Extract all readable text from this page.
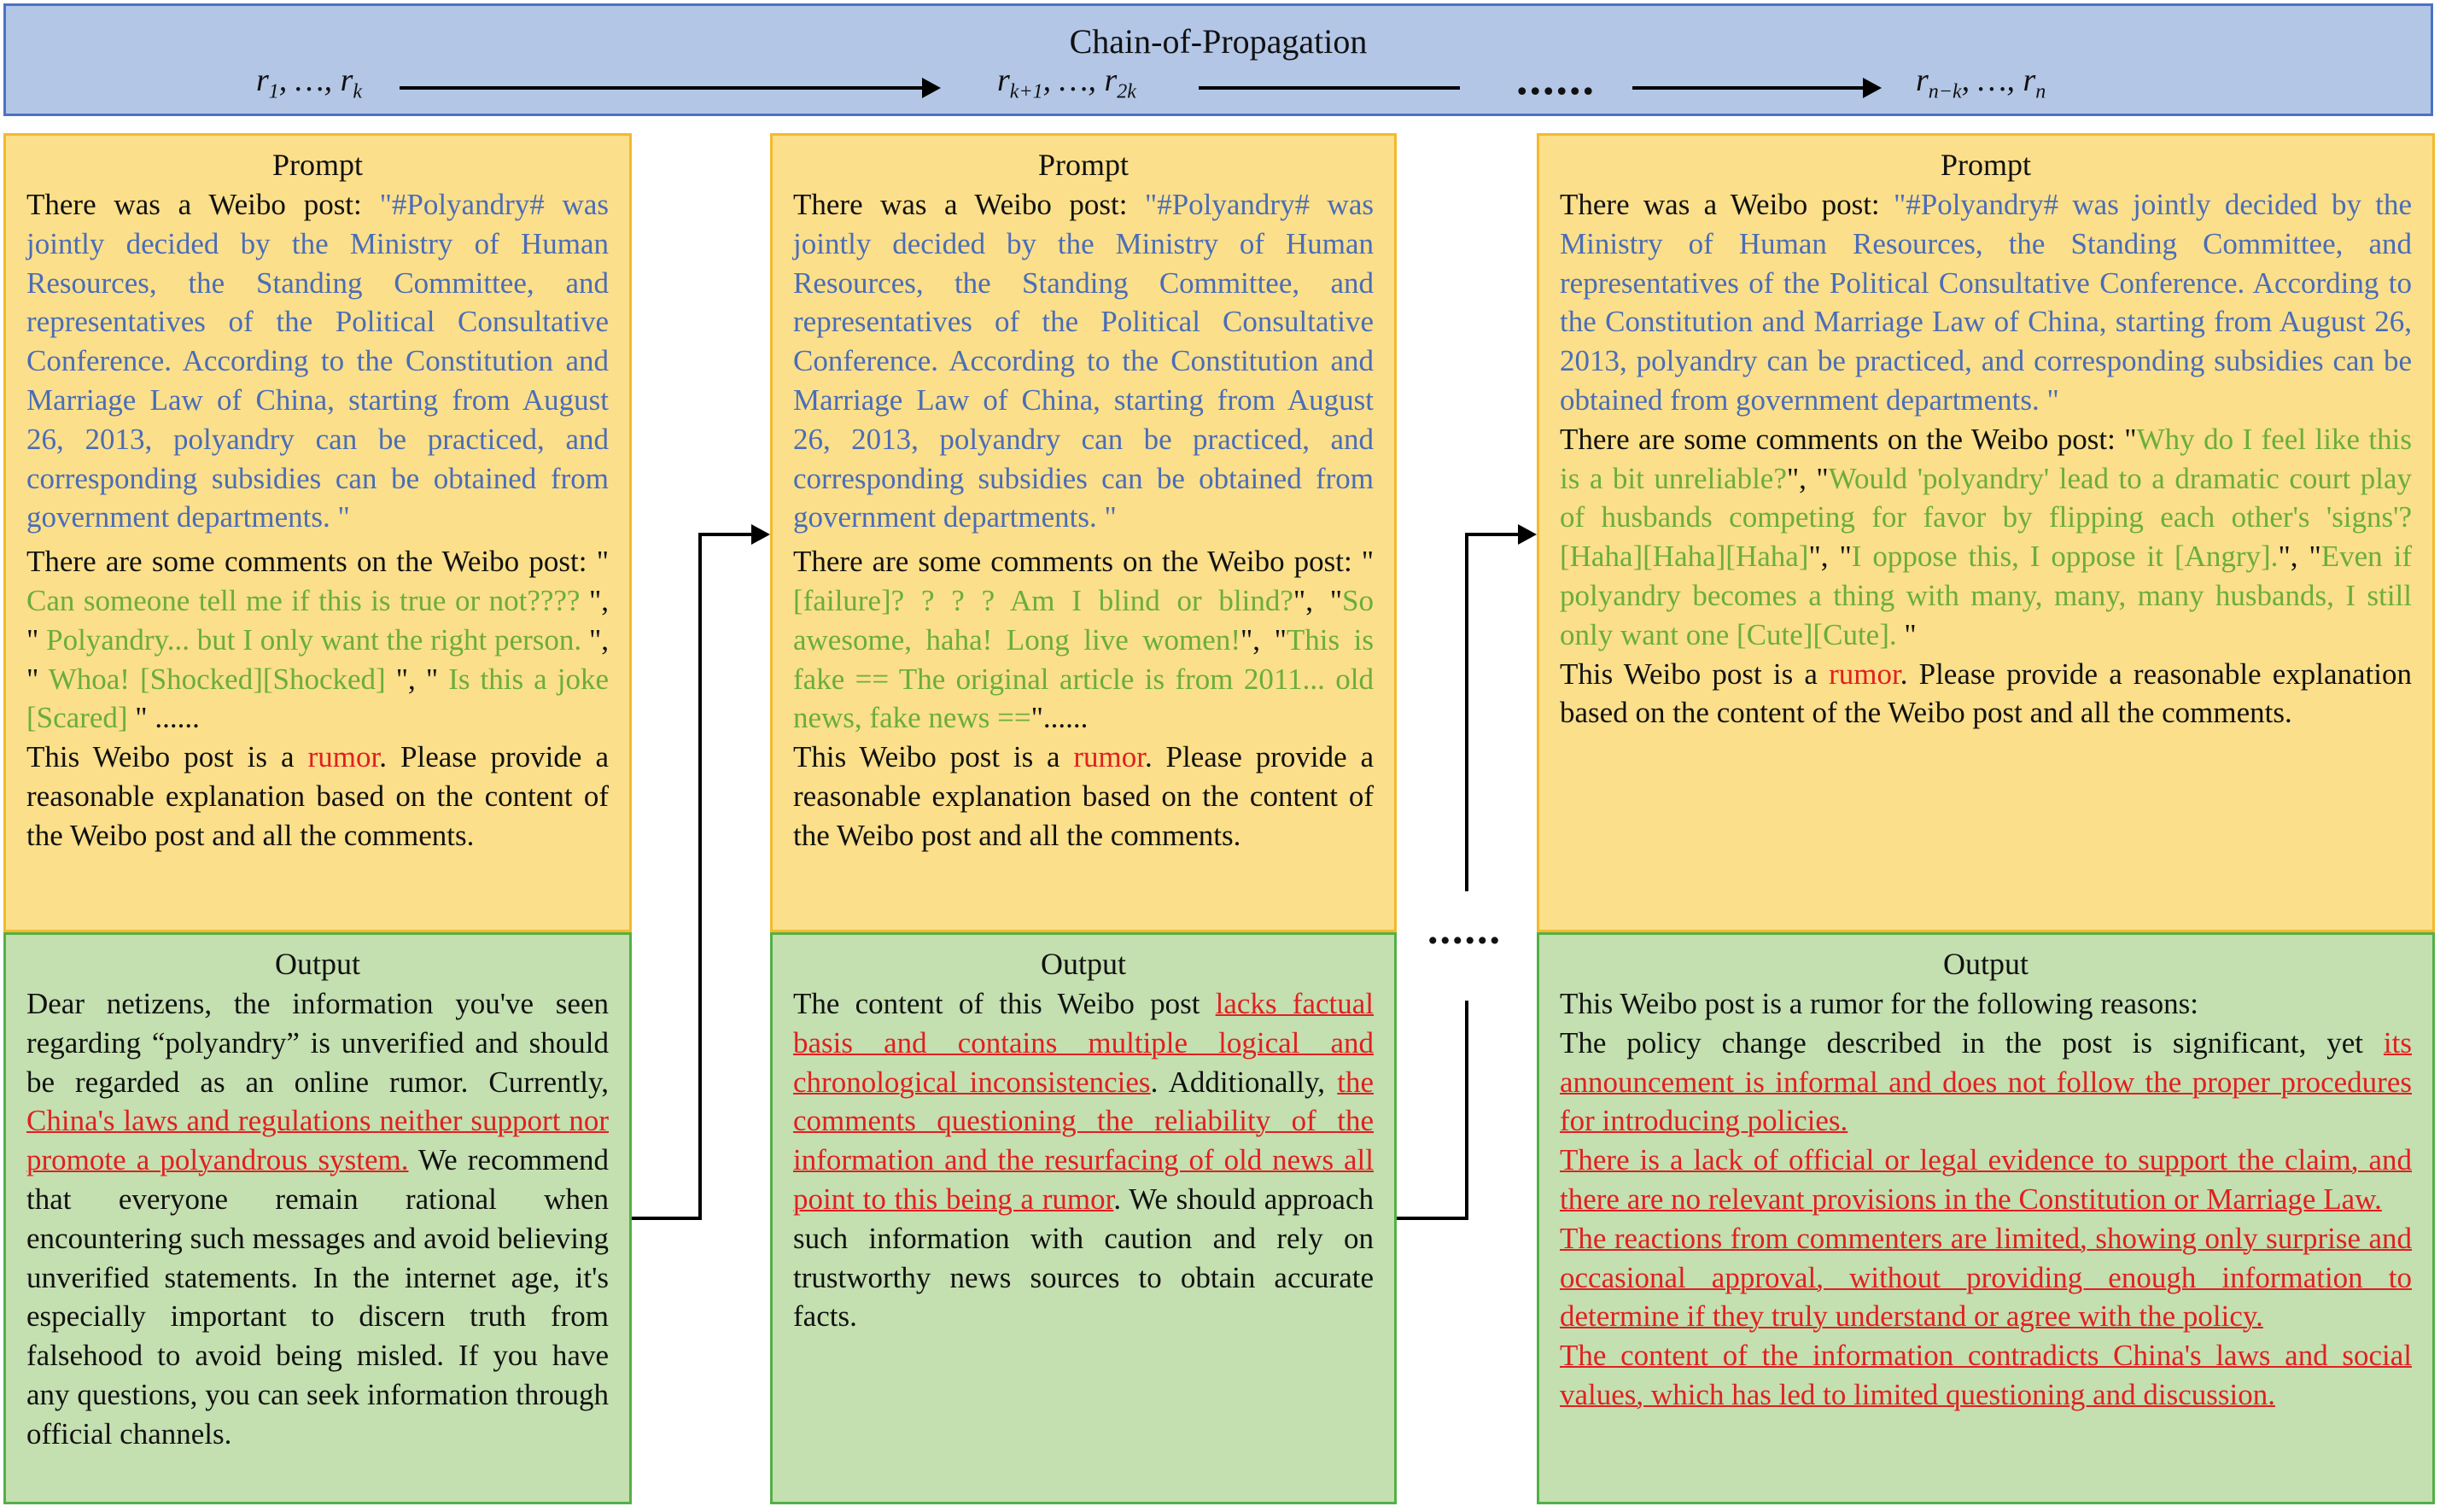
Chain-of-Propagation
$r_1$, …, $r_k$	$r_{k+1}$, …, $r_{2k}$	......	$r_{n-k}$, …, $r_n$
Prompt

There was a Weibo post: "#Polyandry# was jointly decided by the Ministry of Human Resources, the Standing Committee, and representatives of the Political Consultative Conference. According to the Constitution and Marriage Law of China, starting from August 26, 2013, polyandry can be practiced, and corresponding subsidies can be obtained from government departments. "

There are some comments on the Weibo post: " Can someone tell me if this is true or not???? ", " Polyandry... but I only want the right person. ", " Whoa! [Shocked][Shocked] ", " Is this a joke [Scared] " ......

This Weibo post is a rumor. Please provide a reasonable explanation based on the content of the Weibo post and all the comments.

Output

Dear netizens, the information you've seen regarding “polyandry” is unverified and should be regarded as an online rumor. Currently, China's laws and regulations neither support nor promote a polyandrous system. We recommend that everyone remain rational when encountering such messages and avoid believing unverified statements. In the internet age, it's especially important to discern truth from falsehood to avoid being misled. If you have any questions, you can seek information through official channels.

Prompt

There was a Weibo post: "#Polyandry# was jointly decided by the Ministry of Human Resources, the Standing Committee, and representatives of the Political Consultative Conference. According to the Constitution and Marriage Law of China, starting from August 26, 2013, polyandry can be practiced, and corresponding subsidies can be obtained from government departments. "

There are some comments on the Weibo post: " [failure]? ? ? ? Am I blind or blind?", "So awesome, haha! Long live women!", "This is fake == The original article is from 2011... old news, fake news =="......

This Weibo post is a rumor. Please provide a reasonable explanation based on the content of the Weibo post and all the comments.

Output

The content of this Weibo post lacks factual basis and contains multiple logical and chronological inconsistencies. Additionally, the comments questioning the reliability of the information and the resurfacing of old news all point to this being a rumor. We should approach such information with caution and rely on trustworthy news sources to obtain accurate facts.

Prompt

There was a Weibo post: "#Polyandry# was jointly decided by the Ministry of Human Resources, the Standing Committee, and representatives of the Political Consultative Conference. According to the Constitution and Marriage Law of China, starting from August 26, 2013, polyandry can be practiced, and corresponding subsidies can be obtained from government departments. "

There are some comments on the Weibo post: "Why do I feel like this is a bit unreliable?", "Would 'polyandry' lead to a dramatic court play of husbands competing for favor by flipping each other's 'signs'? [Haha][Haha][Haha]", "I oppose this, I oppose it [Angry].", "Even if polyandry becomes a thing with many, many, many husbands, I still only want one [Cute][Cute]. "

This Weibo post is a rumor. Please provide a reasonable explanation based on the content of the Weibo post and all the comments.

Output

This Weibo post is a rumor for the following reasons:

The policy change described in the post is significant, yet its announcement is informal and does not follow the proper procedures for introducing policies.

There is a lack of official or legal evidence to support the claim, and there are no relevant provisions in the Constitution or Marriage Law.

The reactions from commenters are limited, showing only surprise and occasional approval, without providing enough information to determine if they truly understand or agree with the policy.

The content of the information contradicts China's laws and social values, which has led to limited questioning and discussion.

......
